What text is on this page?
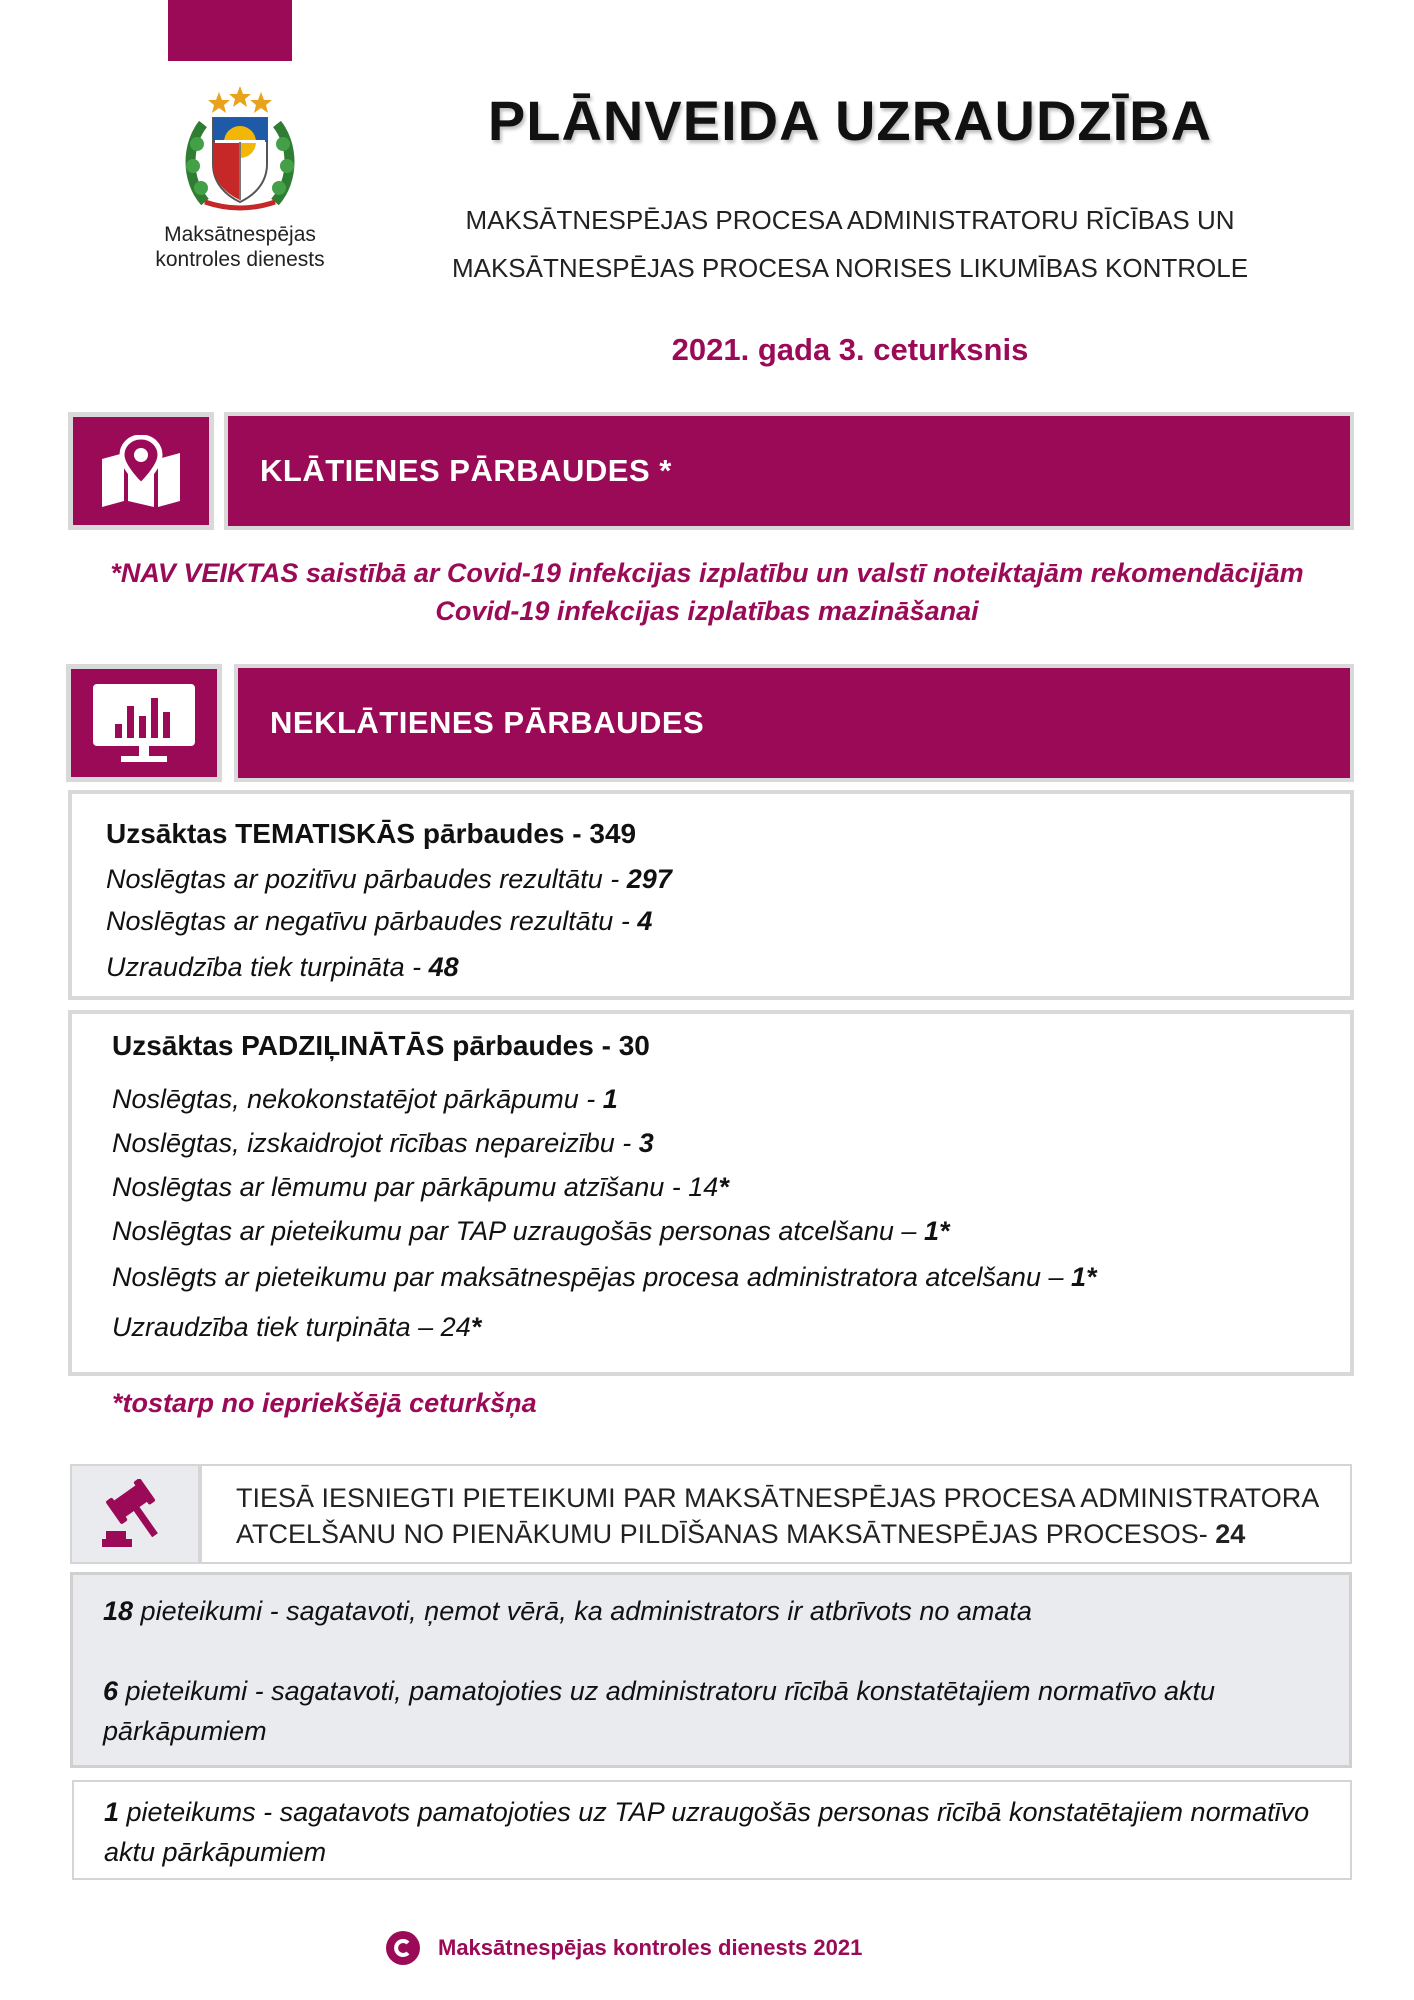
Maksātnespējas
kontroles dienests
PLĀNVEIDA UZRAUDZĪBA
MAKSĀTNESPĒJAS PROCESA ADMINISTRATORU RĪCĪBAS UN
MAKSĀTNESPĒJAS PROCESA NORISES LIKUMĪBAS KONTROLE
2021. gada 3. ceturksnis
KLĀTIENES PĀRBAUDES *
*NAV VEIKTAS saistībā ar Covid-19 infekcijas izplatību un valstī noteiktajām rekomendācijām
Covid-19 infekcijas izplatības mazināšanai
NEKLĀTIENES PĀRBAUDES
Uzsāktas TEMATISKĀS pārbaudes - 349
Noslēgtas ar pozitīvu pārbaudes rezultātu - 297
Noslēgtas ar negatīvu pārbaudes rezultātu - 4
Uzraudzība tiek turpināta - 48
Uzsāktas PADZIĻINĀTĀS pārbaudes - 30
Noslēgtas, nekokonstatējot pārkāpumu - 1
Noslēgtas, izskaidrojot rīcības nepareizību - 3
Noslēgtas ar lēmumu par pārkāpumu atzīšanu - 14*
Noslēgtas ar pieteikumu par TAP uzraugošās personas atcelšanu – 1*
Noslēgts ar pieteikumu par maksātnespējas procesa administratora atcelšanu – 1*
Uzraudzība tiek turpināta – 24*
*tostarp no iepriekšējā ceturkšņa
TIESĀ IESNIEGTI PIETEIKUMI PAR MAKSĀTNESPĒJAS PROCESA ADMINISTRATORA
ATCELŠANU NO PIENĀKUMU PILDĪŠANAS MAKSĀTNESPĒJAS PROCESOS- 24
18 pieteikumi - sagatavoti, ņemot vērā, ka administrators ir atbrīvots no amata
6 pieteikumi - sagatavoti, pamatojoties uz administratoru rīcībā konstatētajiem normatīvo aktu pārkāpumiem
1 pieteikums - sagatavots pamatojoties uz TAP uzraugošās personas rīcībā konstatētajiem normatīvo aktu pārkāpumiem
Maksātnespējas kontroles dienests 2021
